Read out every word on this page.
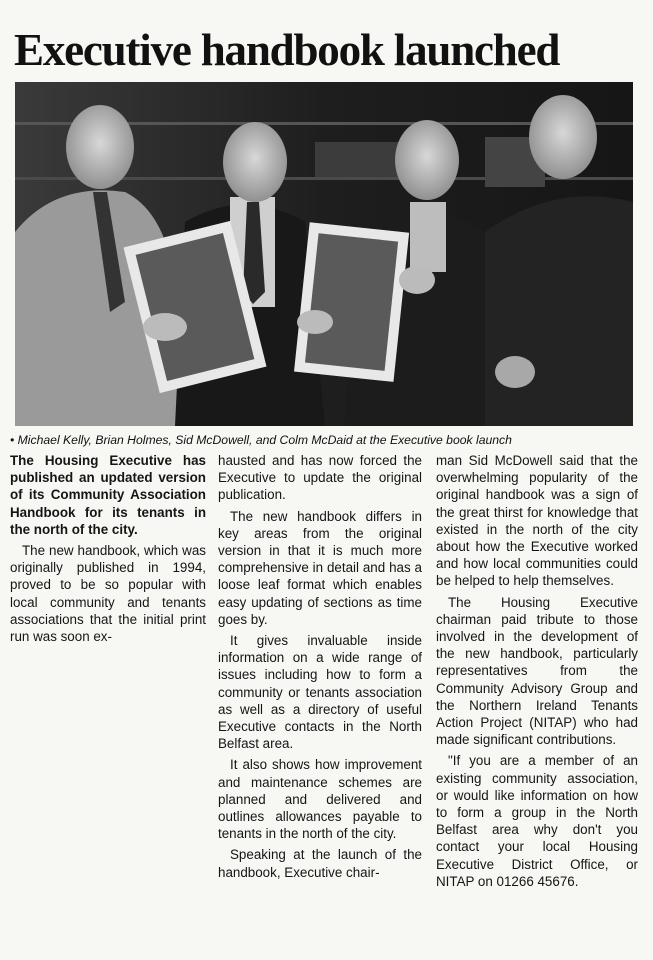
Executive handbook launched

• Michael Kelly, Brian Holmes, Sid McDowell, and Colm McDaid at the Executive book launch

The Housing Executive has published an updated version of its Community Association Handbook for its tenants in the north of the city.

The new handbook, which was originally published in 1994, proved to be so popular with local community and tenants associations that the initial print run was soon ex-

hausted and has now forced the Executive to update the original publication.

The new handbook differs in key areas from the original version in that it is much more comprehensive in detail and has a loose leaf format which enables easy updating of sections as time goes by.

It gives invaluable inside information on a wide range of issues including how to form a community or tenants association as well as a directory of useful Executive contacts in the North Belfast area.

It also shows how improvement and maintenance schemes are planned and delivered and outlines allowances payable to tenants in the north of the city.

Speaking at the launch of the handbook, Executive chair-

man Sid McDowell said that the overwhelming popularity of the original handbook was a sign of the great thirst for knowledge that existed in the north of the city about how the Executive worked and how local communities could be helped to help themselves.

The Housing Executive chairman paid tribute to those involved in the development of the new handbook, particularly representatives from the Community Advisory Group and the Northern Ireland Tenants Action Project (NITAP) who had made significant contributions.

"If you are a member of an existing community association, or would like information on how to form a group in the North Belfast area why don't you contact your local Housing Executive District Office, or NITAP on 01266 45676.
